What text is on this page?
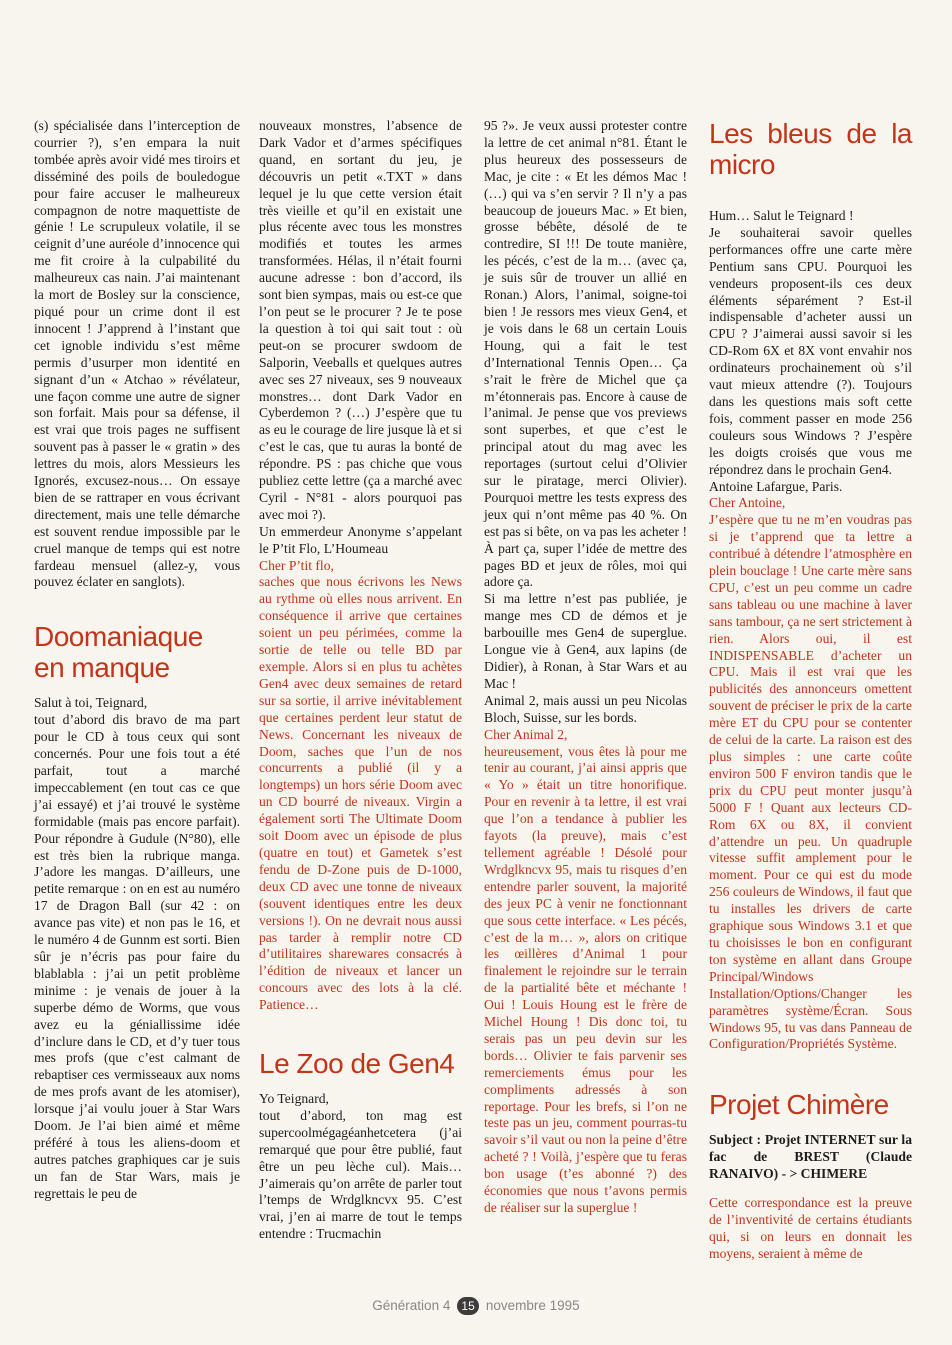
(s) spécialisée dans l’interception de courrier ?), s’en empara la nuit tombée après avoir vidé mes tiroirs et disséminé des poils de bouledogue pour faire accuser le malheureux compagnon de notre maquettiste de génie ! Le scrupuleux volatile, il se ceignit d’une auréole d’innocence qui me fit croire à la culpabilité du malheureux cas nain. J’ai maintenant la mort de Bosley sur la conscience, piqué pour un crime dont il est innocent ! J’apprend à l’instant que cet ignoble individu s’est même permis d’usurper mon identité en signant d’un « Atchao » révélateur, une façon comme une autre de signer son forfait. Mais pour sa défense, il est vrai que trois pages ne suffisent souvent pas à passer le « gratin » des lettres du mois, alors Messieurs les Ignorés, excusez-nous… On essaye bien de se rattraper en vous écrivant directement, mais une telle démarche est souvent rendue impossible par le cruel manque de temps qui est notre fardeau mensuel (allez-y, vous pouvez éclater en sanglots).

Doomaniaque en manque

Salut à toi, Teignard,

tout d’abord dis bravo de ma part pour le CD à tous ceux qui sont concernés. Pour une fois tout a été parfait, tout a marché impeccablement (en tout cas ce que j’ai essayé) et j’ai trouvé le système formidable (mais pas encore parfait). Pour répondre à Gudule (N°80), elle est très bien la rubrique manga. J’adore les mangas. D’ailleurs, une petite remarque : on en est au numéro 17 de Dragon Ball (sur 42 : on avance pas vite) et non pas le 16, et le numéro 4 de Gunnm est sorti. Bien sûr je n’écris pas pour faire du blablabla : j’ai un petit problème minime : je venais de jouer à la superbe démo de Worms, que vous avez eu la géniallissime idée d’inclure dans le CD, et d’y tuer tous mes profs (que c’est calmant de rebaptiser ces vermisseaux aux noms de mes profs avant de les atomiser), lorsque j’ai voulu jouer à Star Wars Doom. Je l’ai bien aimé et même préféré à tous les aliens-doom et autres patches graphiques car je suis un fan de Star Wars, mais je regrettais le peu de

nouveaux monstres, l’absence de Dark Vador et d’armes spécifiques quand, en sortant du jeu, je découvris un petit «.TXT » dans lequel je lu que cette version était très vieille et qu’il en existait une plus récente avec tous les monstres modifiés et toutes les armes transformées. Hélas, il n’était fourni aucune adresse : bon d’accord, ils sont bien sympas, mais ou est-ce que l’on peut se le procurer ? Je te pose la question à toi qui sait tout : où peut-on se procurer swdoom de Salporin, Veeballs et quelques autres avec ses 27 niveaux, ses 9 nouveaux monstres… dont Dark Vador en Cyberdemon ? (…) J’espère que tu as eu le courage de lire jusque là et si c’est le cas, que tu auras la bonté de répondre. PS : pas chiche que vous publiez cette lettre (ça a marché avec Cyril - N°81 - alors pourquoi pas avec moi ?).

Un emmerdeur Anonyme s’appelant le P’tit Flo, L’Houmeau

Cher P’tit flo,

saches que nous écrivons les News au rythme où elles nous arrivent. En conséquence il arrive que certaines soient un peu périmées, comme la sortie de telle ou telle BD par exemple. Alors si en plus tu achètes Gen4 avec deux semaines de retard sur sa sortie, il arrive inévitablement que certaines perdent leur statut de News. Concernant les niveaux de Doom, saches que l’un de nos concurrents a publié (il y a longtemps) un hors série Doom avec un CD bourré de niveaux. Virgin a également sorti The Ultimate Doom soit Doom avec un épisode de plus (quatre en tout) et Gametek s’est fendu de D-Zone puis de D-1000, deux CD avec une tonne de niveaux (souvent identiques entre les deux versions !). On ne devrait nous aussi pas tarder à remplir notre CD d’utilitaires sharewares consacrés à l’édition de niveaux et lancer un concours avec des lots à la clé. Patience…

Le Zoo de Gen4

Yo Teignard,

tout d’abord, ton mag est supercoolmégagéanhetcetera (j’ai remarqué que pour être publié, faut être un peu lèche cul). Mais… J’aimerais qu’on arrête de parler tout l’temps de Wrdglkncvx 95. C’est vrai, j’en ai marre de tout le temps entendre : Trucmachin

95 ?». Je veux aussi protester contre la lettre de cet animal n°81. Étant le plus heureux des possesseurs de Mac, je cite : « Et les démos Mac ! (…) qui va s’en servir ? Il n’y a pas beaucoup de joueurs Mac. » Et bien, grosse bébête, désolé de te contredire, SI !!! De toute manière, les pécés, c’est de la m… (avec ça, je suis sûr de trouver un allié en Ronan.) Alors, l’animal, soigne-toi bien ! Je ressors mes vieux Gen4, et je vois dans le 68 un certain Louis Houng, qui a fait le test d’International Tennis Open… Ça s’rait le frère de Michel que ça m’étonnerais pas. Encore à cause de l’animal. Je pense que vos previews sont superbes, et que c’est le principal atout du mag avec les reportages (surtout celui d’Olivier sur le piratage, merci Olivier). Pourquoi mettre les tests express des jeux qui n’ont même pas 40 %. On est pas si bête, on va pas les acheter ! À part ça, super l’idée de mettre des pages BD et jeux de rôles, moi qui adore ça.

Si ma lettre n’est pas publiée, je mange mes CD de démos et je barbouille mes Gen4 de superglue. Longue vie à Gen4, aux lapins (de Didier), à Ronan, à Star Wars et au Mac !

Animal 2, mais aussi un peu Nicolas Bloch, Suisse, sur les bords.

Cher Animal 2,

heureusement, vous êtes là pour me tenir au courant, j’ai ainsi appris que « Yo » était un titre honorifique. Pour en revenir à ta lettre, il est vrai que l’on a tendance à publier les fayots (la preuve), mais c’est tellement agréable ! Désolé pour Wrdglkncvx 95, mais tu risques d’en entendre parler souvent, la majorité des jeux PC à venir ne fonctionnant que sous cette interface. « Les pécés, c’est de la m… », alors on critique les œillères d’Animal 1 pour finalement le rejoindre sur le terrain de la partialité bête et méchante ! Oui ! Louis Houng est le frère de Michel Houng ! Dis donc toi, tu serais pas un peu devin sur les bords… Olivier te fais parvenir ses remerciements émus pour les compliments adressés à son reportage. Pour les brefs, si l’on ne teste pas un jeu, comment pourras-tu savoir s’il vaut ou non la peine d’être acheté ? ! Voilà, j’espère que tu feras bon usage (t’es abonné ?) des économies que nous t’avons permis de réaliser sur la superglue !

Les bleus de la micro

Hum… Salut le Teignard !

Je souhaiterai savoir quelles performances offre une carte mère Pentium sans CPU. Pourquoi les vendeurs proposent-ils ces deux éléments séparément ? Est-il indispensable d’acheter aussi un CPU ? J’aimerai aussi savoir si les CD-Rom 6X et 8X vont envahir nos ordinateurs prochainement où s’il vaut mieux attendre (?). Toujours dans les questions mais soft cette fois, comment passer en mode 256 couleurs sous Windows ? J’espère les doigts croisés que vous me répondrez dans le prochain Gen4.

Antoine Lafargue, Paris.

Cher Antoine,

J’espère que tu ne m’en voudras pas si je t’apprend que ta lettre a contribué à détendre l’atmosphère en plein bouclage ! Une carte mère sans CPU, c’est un peu comme un cadre sans tableau ou une machine à laver sans tambour, ça ne sert strictement à rien. Alors oui, il est INDISPENSABLE d’acheter un CPU. Mais il est vrai que les publicités des annonceurs omettent souvent de préciser le prix de la carte mère ET du CPU pour se contenter de celui de la carte. La raison est des plus simples : une carte coûte environ 500 F environ tandis que le prix du CPU peut monter jusqu’à 5000 F ! Quant aux lecteurs CD-Rom 6X ou 8X, il convient d’attendre un peu. Un quadruple vitesse suffit amplement pour le moment. Pour ce qui est du mode 256 couleurs de Windows, il faut que tu installes les drivers de carte graphique sous Windows 3.1 et que tu choisisses le bon en configurant ton système en allant dans Groupe Principal/Windows Installation/Options/Changer les paramètres système/Écran. Sous Windows 95, tu vas dans Panneau de Configuration/Propriétés Système.

Projet Chimère

Subject : Projet INTERNET sur la fac de BREST (Claude RANAIVO) - > CHIMERE

Cette correspondance est la preuve de l’inventivité de certains étudiants qui, si on leurs en donnait les moyens, seraient à même de

Génération 4 15 novembre 1995
